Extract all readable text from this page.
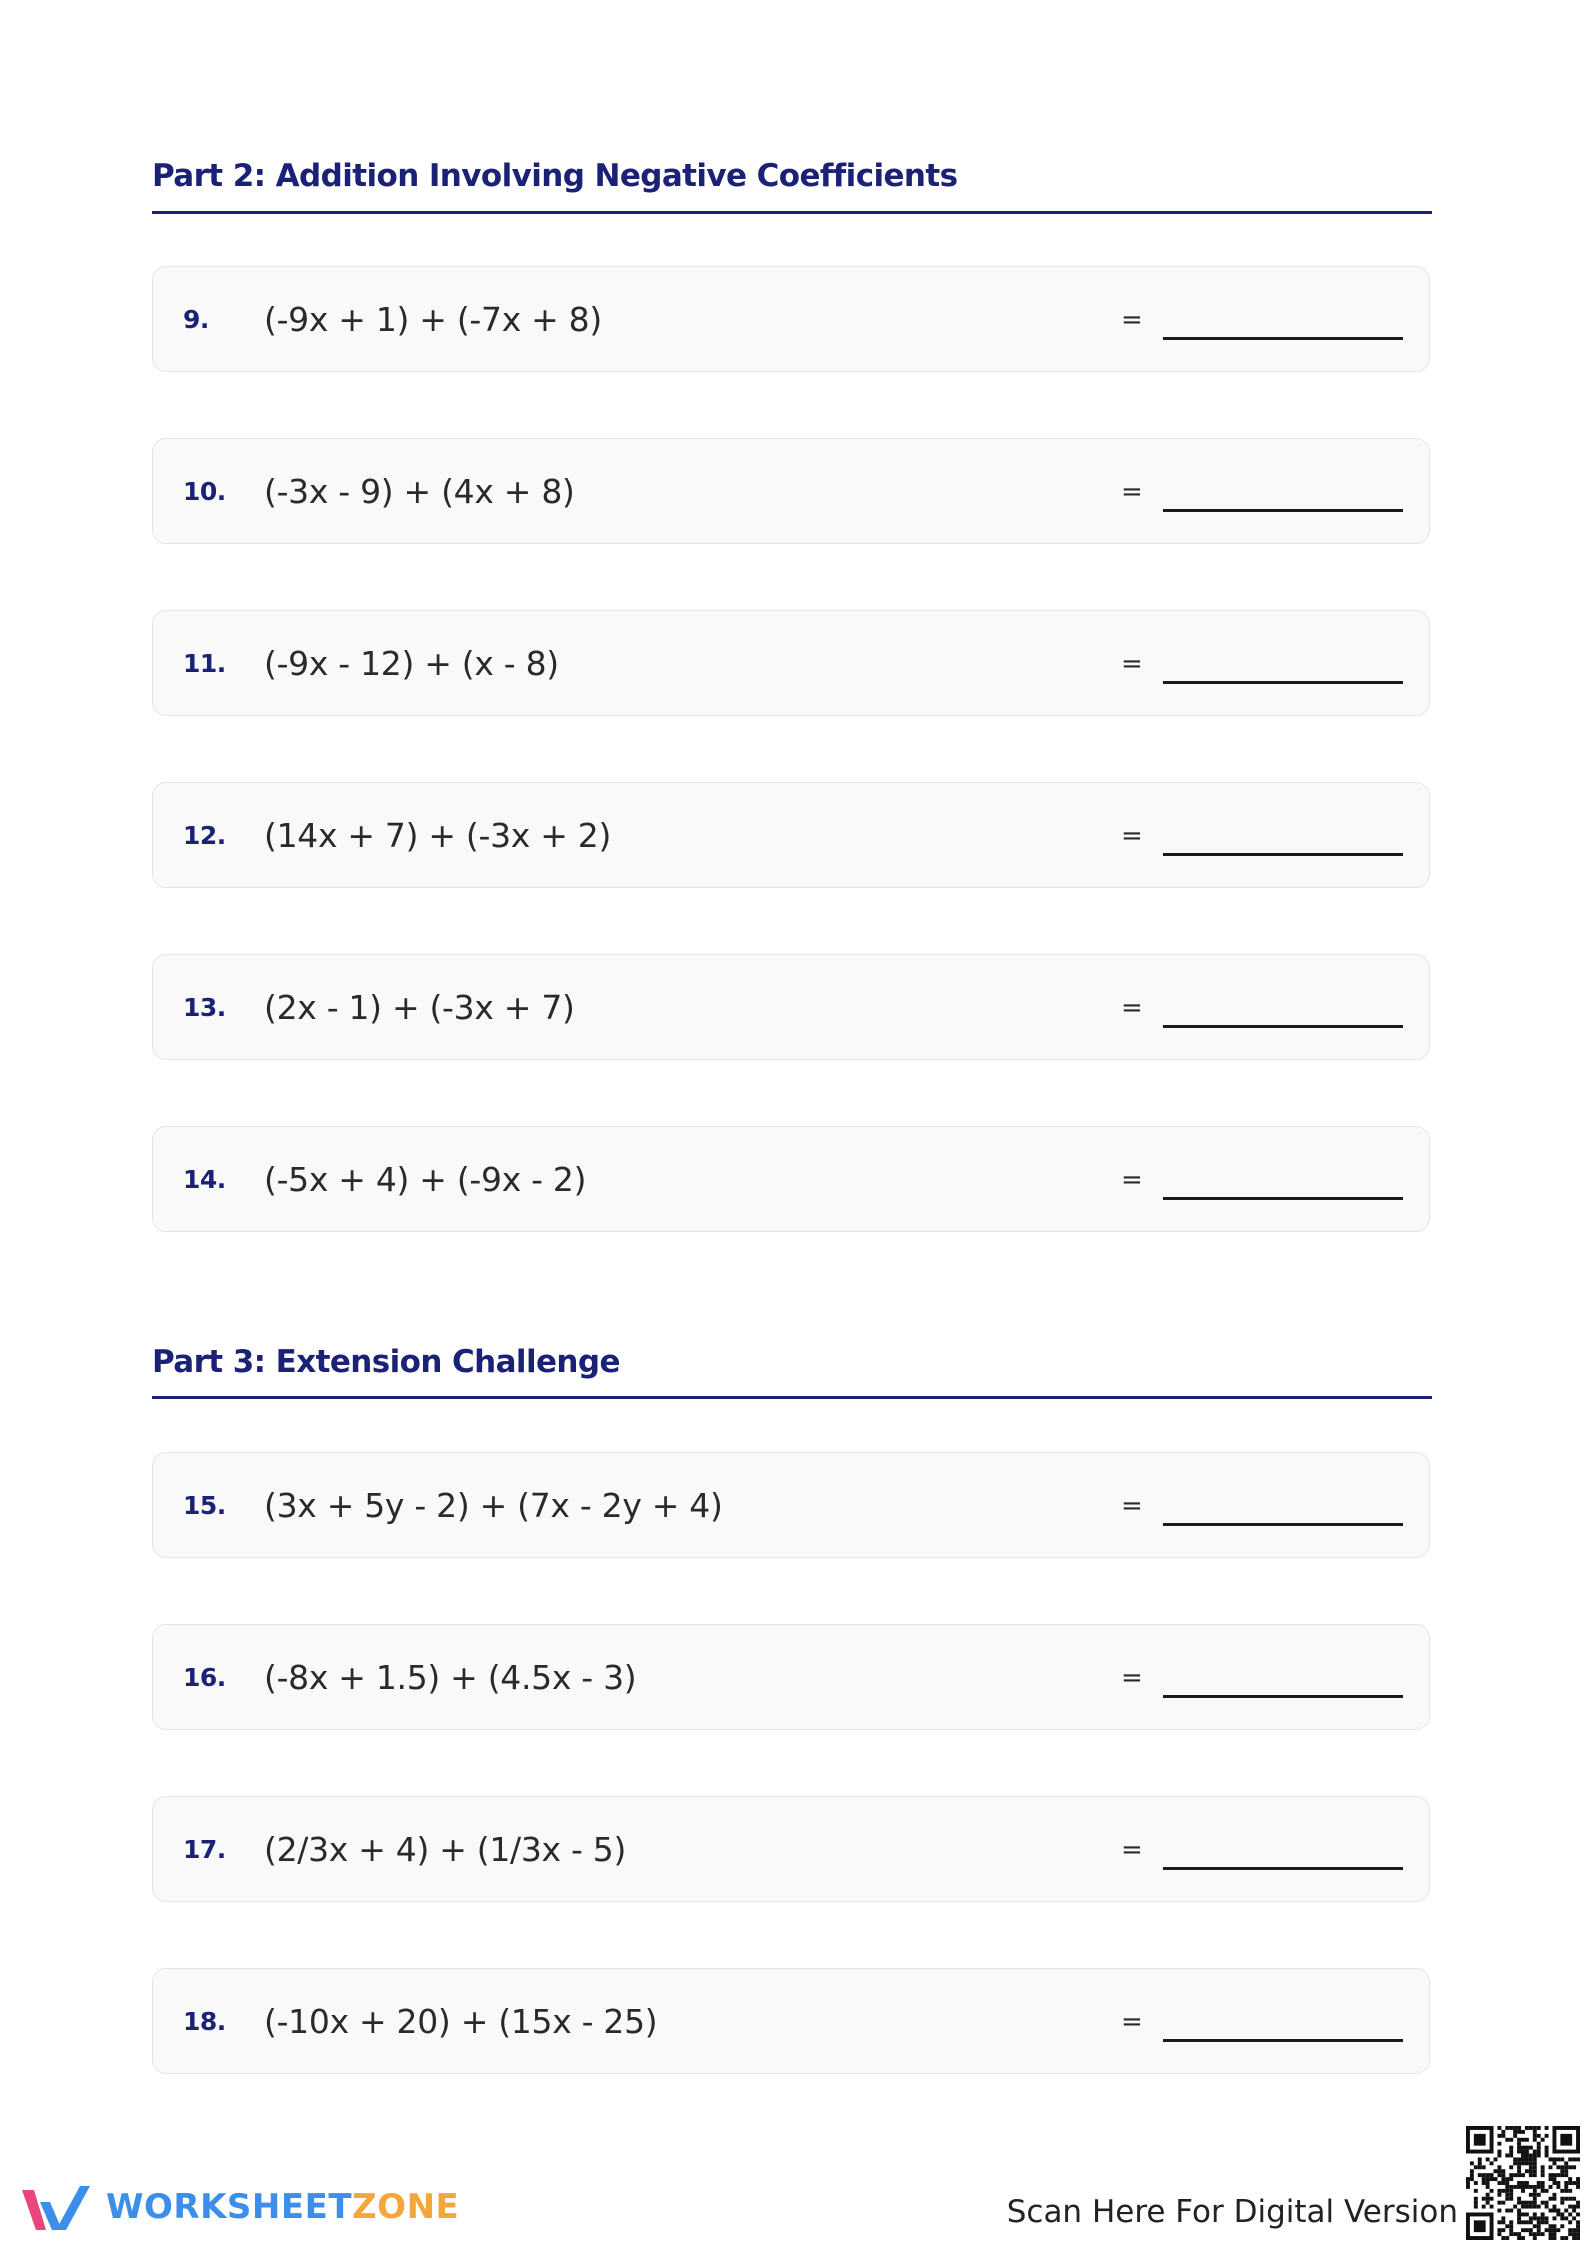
Part 2: Addition Involving Negative Coefficients
9. (-9x + 1) + (-7x + 8)	=
10. (-3x - 9) + (4x + 8)	=
11. (-9x - 12) + (x - 8)	=
12. (14x + 7) + (-3x + 2)	=
13. (2x - 1) + (-3x + 7)	=
14. (-5x + 4) + (-9x - 2)	=
Part 3: Extension Challenge
15. (3x + 5y - 2) + (7x - 2y + 4)	=
16. (-8x + 1.5) + (4.5x - 3)	=
17. (2/3x + 4) + (1/3x - 5)	=
18. (-10x + 20) + (15x - 25)	=
WORKSHEETZONE	Scan Here For Digital Version
